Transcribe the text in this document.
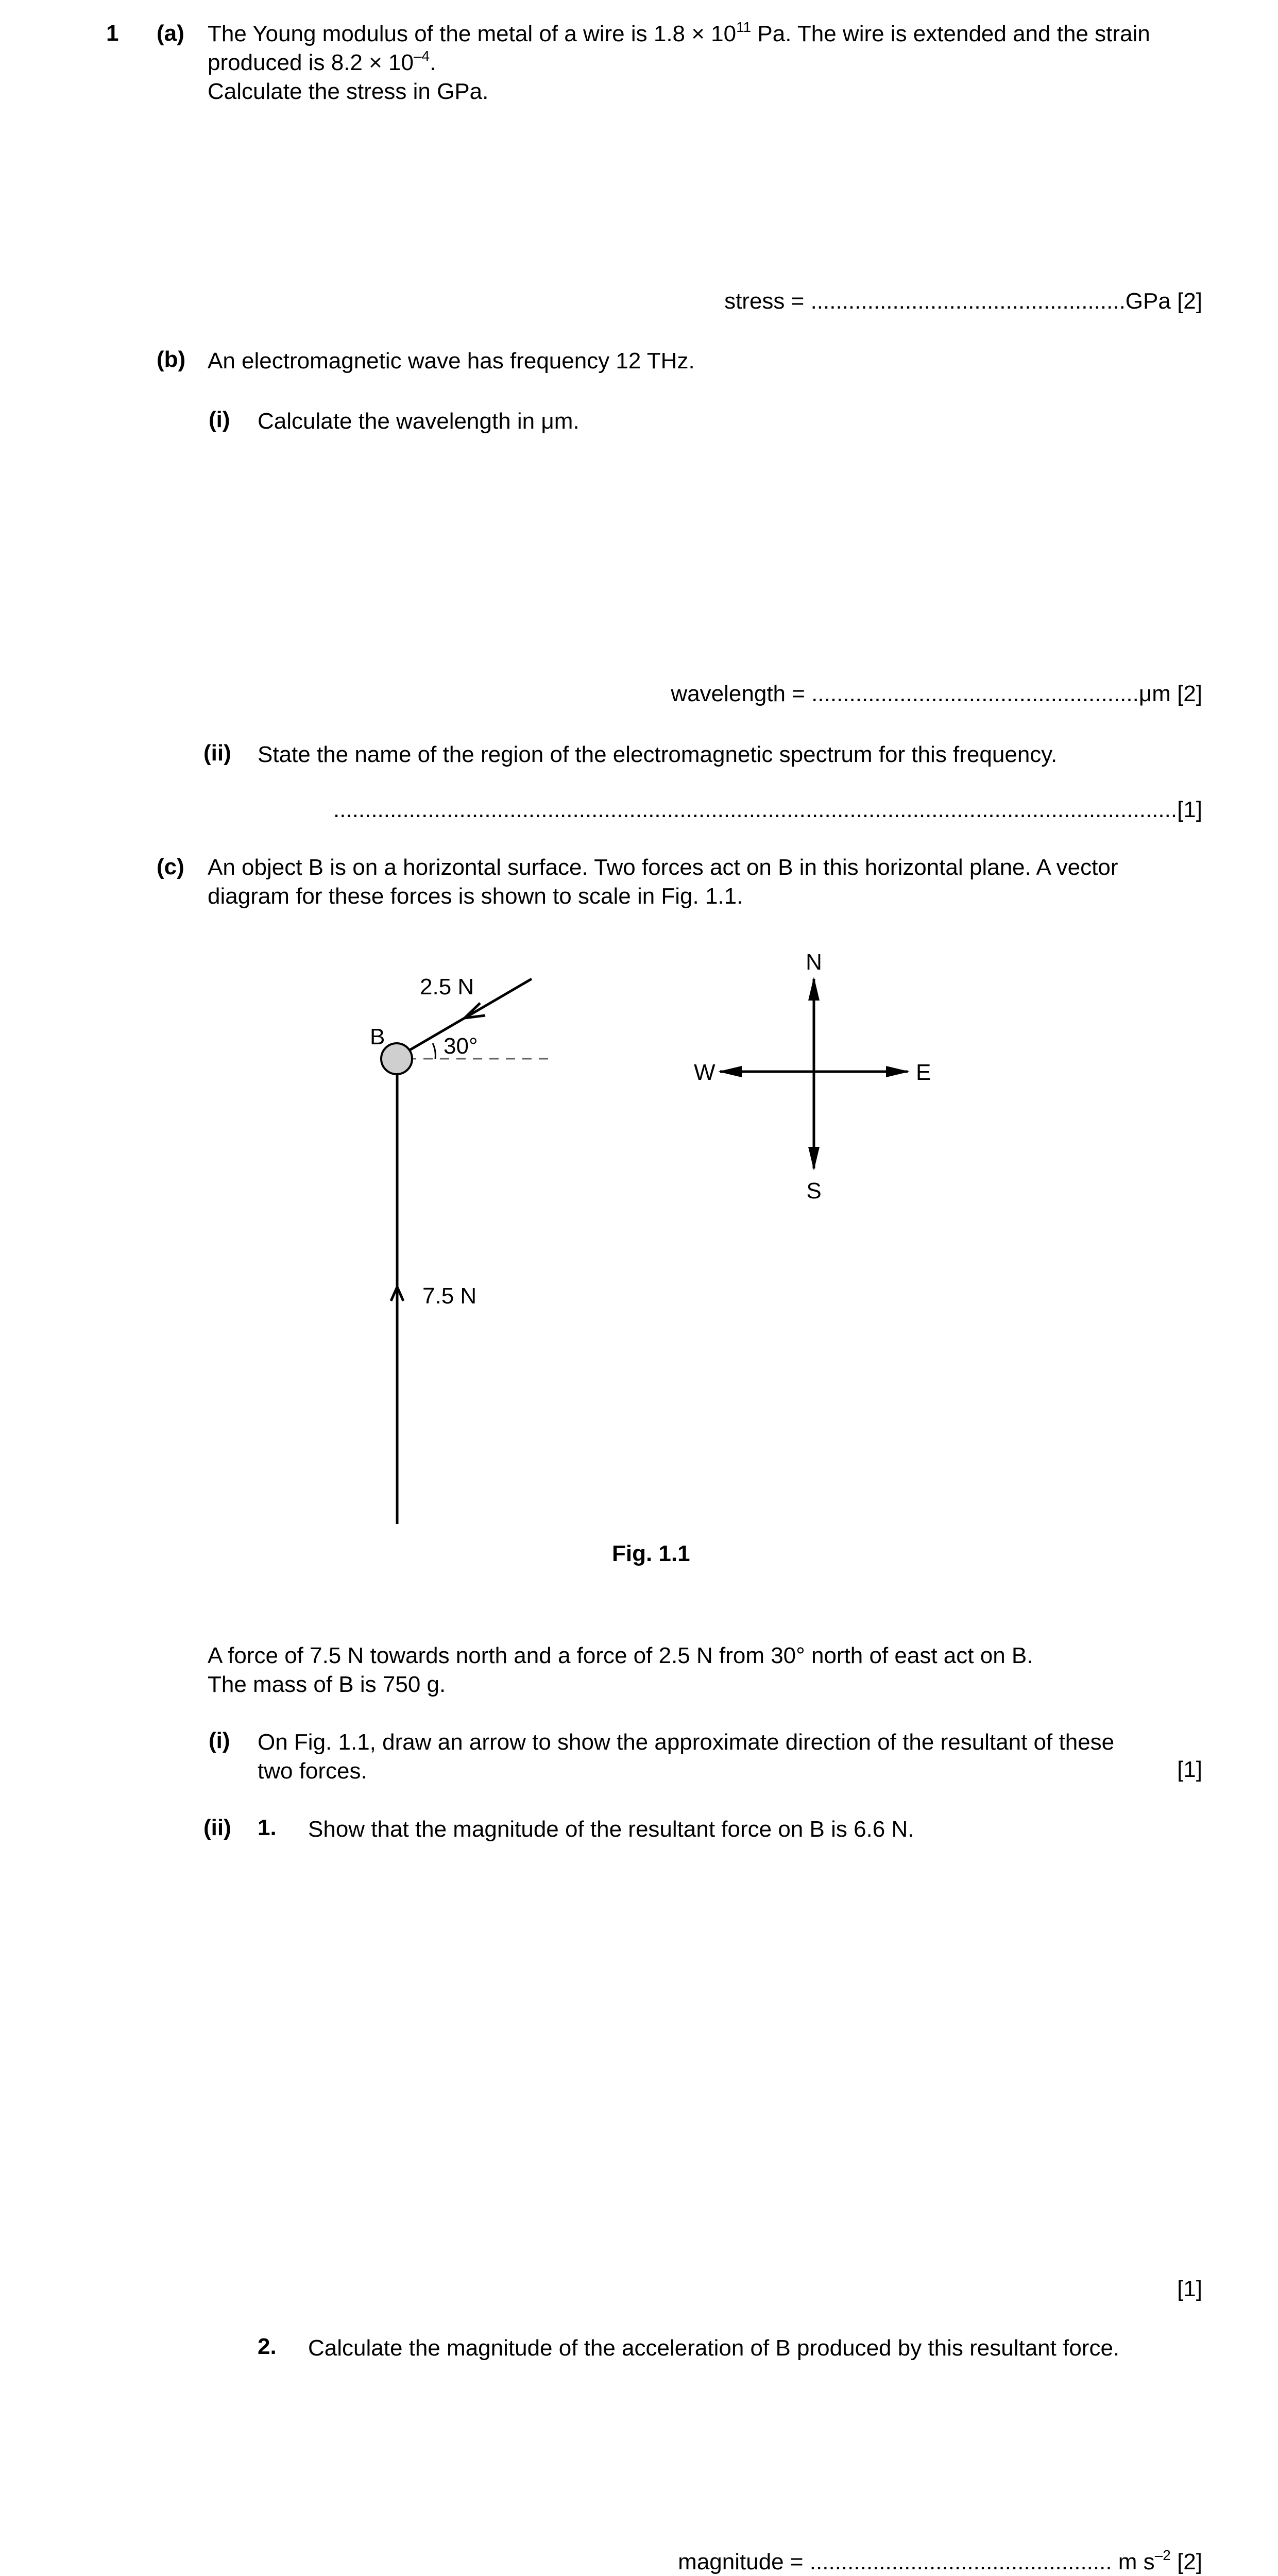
1 (a) The Young modulus of the metal of a wire is $1.8 \times 10^{11}$ Pa. The wire is extended and the strain
produced is $8.2 \times 10^{-4}$.
Calculate the stress in GPa.
stress = ..................................................GPa [2]
(b) An electromagnetic wave has frequency 12 THz.
(i) Calculate the wavelength in μm.
wavelength = ....................................................μm [2]
(ii) State the name of the region of the electromagnetic spectrum for this frequency.
......................................................................................................................................[1]
(c) An object B is on a horizontal surface. Two forces act on B in this horizontal plane. A vector
diagram for these forces is shown to scale in Fig. 1.1.
2.5 N
B	30°
7.5 N
N
S
E
W
Fig. 1.1
A force of 7.5 N towards north and a force of 2.5 N from 30° north of east act on B.
The mass of B is 750 g.
(i) On Fig. 1.1, draw an arrow to show the approximate direction of the resultant of these
two forces.	[1]
(ii) 1. Show that the magnitude of the resultant force on B is 6.6 N.
[1]
2. Calculate the magnitude of the acceleration of B produced by this resultant force.
magnitude = ................................................ m $s^{-2}$ [2]
